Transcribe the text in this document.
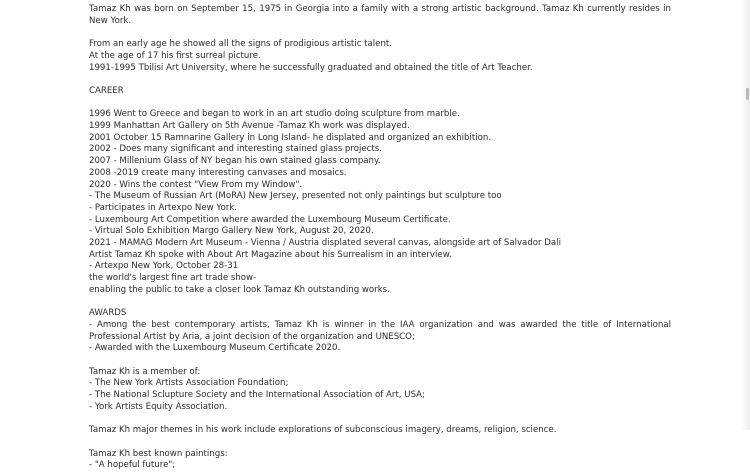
Tamaz Kh was born on September 15, 1975 in Georgia into a family with a strong artistic background. Tamaz Kh currently resides in New York.

From an early age he showed all the signs of prodigious artistic talent.
At the age of 17 his first surreal picture.
1991-1995 Tbilisi Art University, where he successfully graduated and obtained the title of Art Teacher.
CAREER
1996 Went to Greece and began to work in an art studio doing sculpture from marble.
1999 Manhattan Art Gallery on 5th Avenue -Tamaz Kh work was displayed.
2001 October 15 Ramnarine Gallery in Long Island- he displated and organized an exhibition.
2002 - Does many significant and interesting stained glass projects.
2007 - Millenium Glass of NY began his own stained glass company.
2008 -2019 create many interesting canvases and mosaics.
2020 - Wins the contest "View From my Window".
- The Museum of Russian Art (MoRA) New Jersey, presented not only paintings but sculpture too
- Participates in Artexpo New York.
- Luxembourg Art Competition where awarded the Luxembourg Museum Certificate.
- Virtual Solo Exhibition Margo Gallery New York, August 20, 2020.
2021 - MAMAG Modern Art Museum - Vienna / Austria displated several canvas, alongside art of Salvador Dali
Artist Tamaz Kh spoke with About Art Magazine about his Surrealism in an interview.
- Artexpo New York, October 28-31
the world's largest fine art trade show-
enabling the public to take a closer look Tamaz Kh outstanding works.
AWARDS
- Among the best contemporary artists, Tamaz Kh is winner in the IAA organization and was awarded the title of International Professional Artist by Aria, a joint decision of the organization and UNESCO;
- Awarded with the Luxembourg Museum Certificate 2020.
Tamaz Kh is a member of:
- The New York Artists Association Foundation;
- The National Sclupture Society and the International Association of Art, USA;
- York Artists Equity Association.

Tamaz Kh major themes in his work include explorations of subconscious imagery, dreams, religion, science.

Tamaz Kh best known paintings:
- "A hopeful future";
